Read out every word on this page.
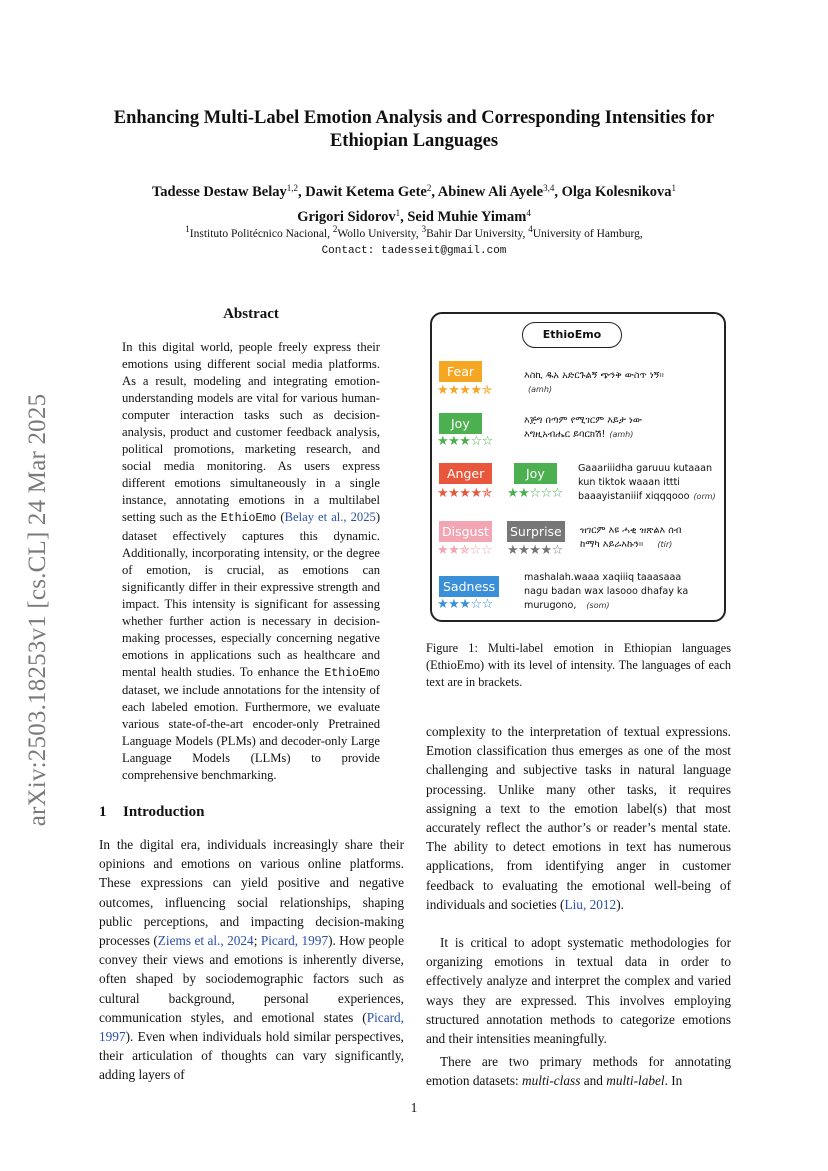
arXiv:2503.18253v1 [cs.CL] 24 Mar 2025
Enhancing Multi-Label Emotion Analysis and Corresponding Intensities for Ethiopian Languages
Tadesse Destaw Belay$^{1,2}$, Dawit Ketema Gete$^2$, Abinew Ali Ayele$^{3,4}$, Olga Kolesnikova$^1$
Grigori Sidorov$^1$, Seid Muhie Yimam$^4$
$^1$Instituto Politécnico Nacional, $^2$Wollo University, $^3$Bahir Dar University, $^4$University of Hamburg,
Contact: tadesseit@gmail.com
Abstract
In this digital world, people freely express their emotions using different social media platforms. As a result, modeling and integrating emotion-understanding models are vital for various human-computer interaction tasks such as decision-analysis, product and customer feedback analysis, political promotions, marketing research, and social media monitoring. As users express different emotions simultaneously in a single instance, annotating emotions in a multilabel setting such as the EthioEmo (Belay et al., 2025) dataset effectively captures this dynamic. Additionally, incorporating intensity, or the degree of emotion, is crucial, as emotions can significantly differ in their expressive strength and impact. This intensity is significant for assessing whether further action is necessary in decision-making processes, especially concerning negative emotions in applications such as healthcare and mental health studies. To enhance the EthioEmo dataset, we include annotations for the intensity of each labeled emotion. Furthermore, we evaluate various state-of-the-art encoder-only Pretrained Language Models (PLMs) and decoder-only Large Language Models (LLMs) to provide comprehensive benchmarking.
1 Introduction
In the digital era, individuals increasingly share their opinions and emotions on various online platforms. These expressions can yield positive and negative outcomes, influencing social relationships, shaping public perceptions, and impacting decision-making processes (Ziems et al., 2024; Picard, 1997). How people convey their views and emotions is inherently diverse, often shaped by sociodemographic factors such as cultural background, personal experiences, communication styles, and emotional states (Picard, 1997). Even when individuals hold similar perspectives, their articulation of thoughts can vary significantly, adding layers of
EthioEmo
Fear
★★★★✯
እስኪ ዱአ አድርጉልኝ ጭንቅ ውስጥ ነኝ።
(amh)
Joy
★★★☆☆
እጅግ በጣም የሚገርም እይታ ነው
እግዚአብሔር ይባርክሽ! (amh)
Anger
★★★★✯
Joy
★★☆☆☆
Gaaariiidha garuuu kutaaan
kun tiktok waaan ittti
baaayistaniiif xiqqqooo (orm)
Disgust
★★✯☆☆
Surprise
★★★★☆
ዝገርም እዩ ሓቂ ዝጽልእ ሰብ
ከማካ እይራእኩን። (tir)
Sadness
★★★☆☆
mashalah.waaa xaqiiiq taaasaaa
nagu badan wax lasooo dhafay ka
murugono, (som)
Figure 1: Multi-label emotion in Ethiopian languages (EthioEmo) with its level of intensity. The languages of each text are in brackets.

complexity to the interpretation of textual expressions. Emotion classification thus emerges as one of the most challenging and subjective tasks in natural language processing. Unlike many other tasks, it requires assigning a text to the emotion label(s) that most accurately reflect the author’s or reader’s mental state. The ability to detect emotions in text has numerous applications, from identifying anger in customer feedback to evaluating the emotional well-being of individuals and societies (Liu, 2012).

It is critical to adopt systematic methodologies for organizing emotions in textual data in order to effectively analyze and interpret the complex and varied ways they are expressed. This involves employing structured annotation methods to categorize emotions and their intensities meaningfully.

There are two primary methods for annotating emotion datasets: multi-class and multi-label. In

1
